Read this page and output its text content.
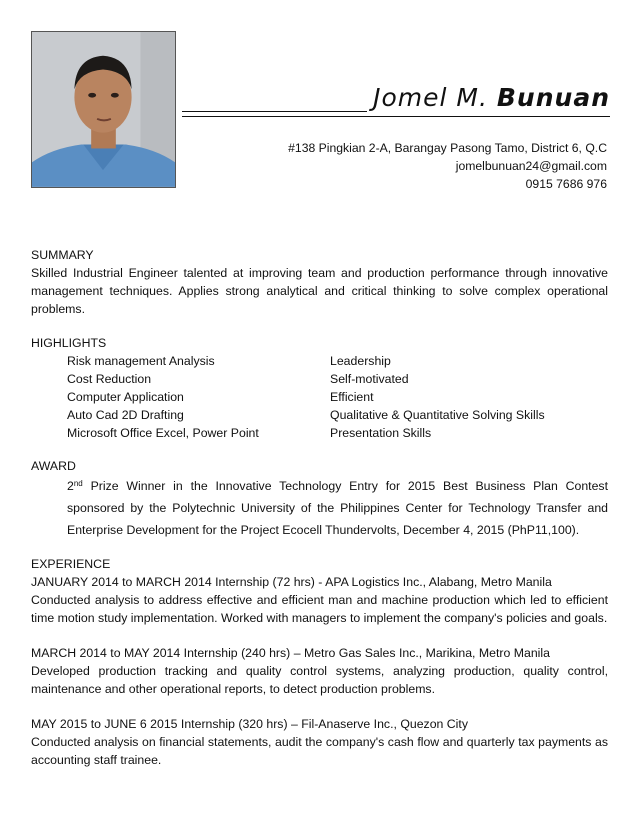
Jomel M. Bunuan
#138 Pingkian 2-A, Barangay Pasong Tamo, District 6, Q.C
jomelbunuan24@gmail.com
0915 7686 976
SUMMARY
Skilled Industrial Engineer talented at improving team and production performance through innovative management techniques. Applies strong analytical and critical thinking to solve complex operational problems.
HIGHLIGHTS
Risk management Analysis	Leadership
Cost Reduction	Self-motivated
Computer Application	Efficient
Auto Cad 2D Drafting	Qualitative & Quantitative Solving Skills
Microsoft Office Excel, Power Point	Presentation Skills
AWARD
2nd Prize Winner in the Innovative Technology Entry for 2015 Best Business Plan Contest sponsored by the Polytechnic University of the Philippines Center for Technology Transfer and Enterprise Development for the Project Ecocell Thundervolts, December 4, 2015 (PhP11,100).
EXPERIENCE
JANUARY 2014 to MARCH 2014 Internship (72 hrs) - APA Logistics Inc., Alabang, Metro Manila
Conducted analysis to address effective and efficient man and machine production which led to efficient time motion study implementation. Worked with managers to implement the company's policies and goals.
MARCH 2014 to MAY 2014 Internship (240 hrs) – Metro Gas Sales Inc., Marikina, Metro Manila
Developed production tracking and quality control systems, analyzing production, quality control, maintenance and other operational reports, to detect production problems.
MAY 2015 to JUNE 6 2015 Internship (320 hrs) – Fil-Anaserve Inc., Quezon City
Conducted analysis on financial statements, audit the company's cash flow and quarterly tax payments as accounting staff trainee.
